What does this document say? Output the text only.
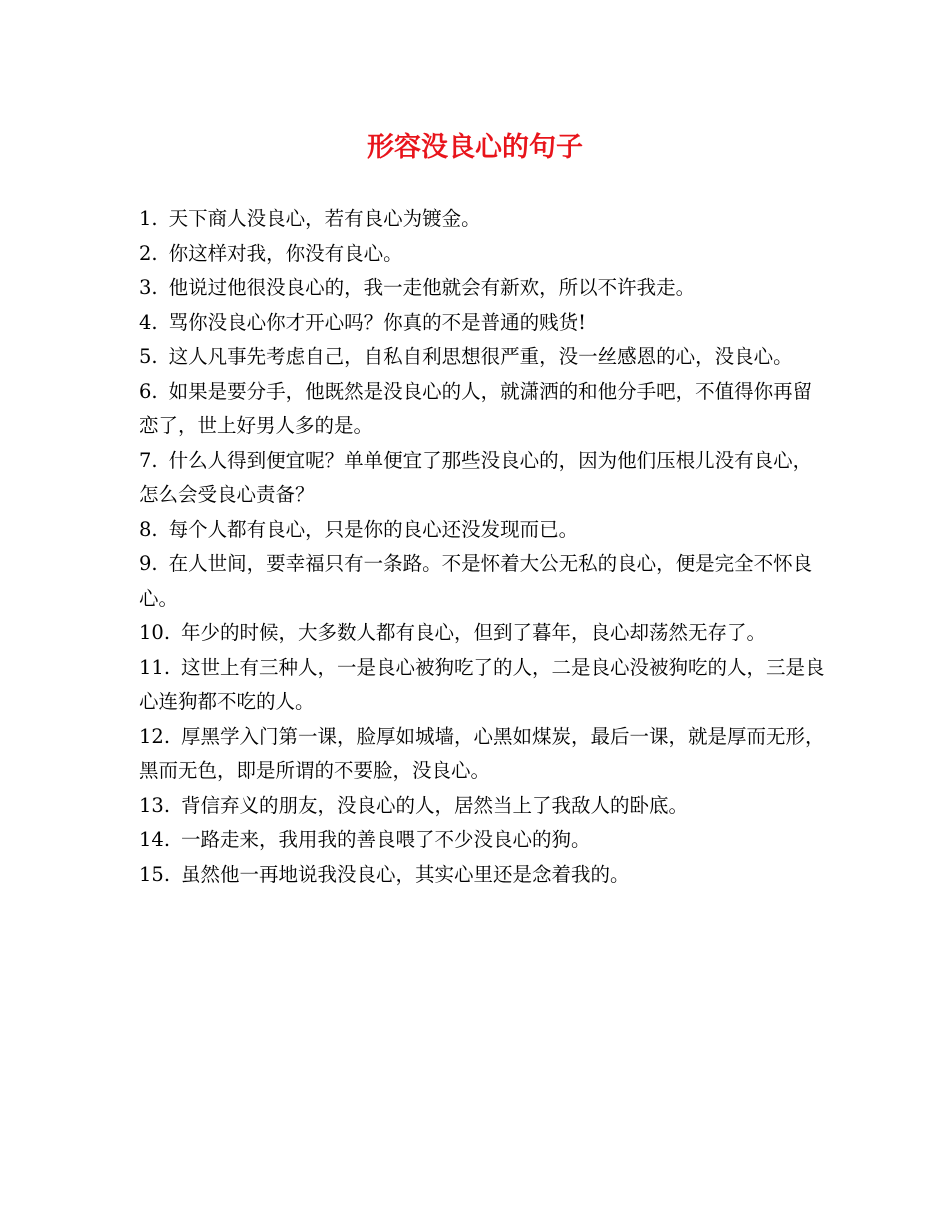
形容没良心的句子
1. 天下商人没良心，若有良心为镀金。
2. 你这样对我，你没有良心。
3. 他说过他很没良心的，我一走他就会有新欢，所以不许我走。
4. 骂你没良心你才开心吗？你真的不是普通的贱货!
5. 这人凡事先考虑自己，自私自利思想很严重，没一丝感恩的心，没良心。
6. 如果是要分手，他既然是没良心的人，就潇洒的和他分手吧，不值得你再留恋了，世上好男人多的是。
7. 什么人得到便宜呢？单单便宜了那些没良心的，因为他们压根儿没有良心，怎么会受良心责备？
8. 每个人都有良心，只是你的良心还没发现而已。
9. 在人世间，要幸福只有一条路。不是怀着大公无私的良心，便是完全不怀良心。
10. 年少的时候，大多数人都有良心，但到了暮年，良心却荡然无存了。
11. 这世上有三种人，一是良心被狗吃了的人，二是良心没被狗吃的人，三是良心连狗都不吃的人。
12. 厚黑学入门第一课，脸厚如城墙，心黑如煤炭，最后一课，就是厚而无形，黑而无色，即是所谓的不要脸，没良心。
13. 背信弃义的朋友，没良心的人，居然当上了我敌人的卧底。
14. 一路走来，我用我的善良喂了不少没良心的狗。
15. 虽然他一再地说我没良心，其实心里还是念着我的。
